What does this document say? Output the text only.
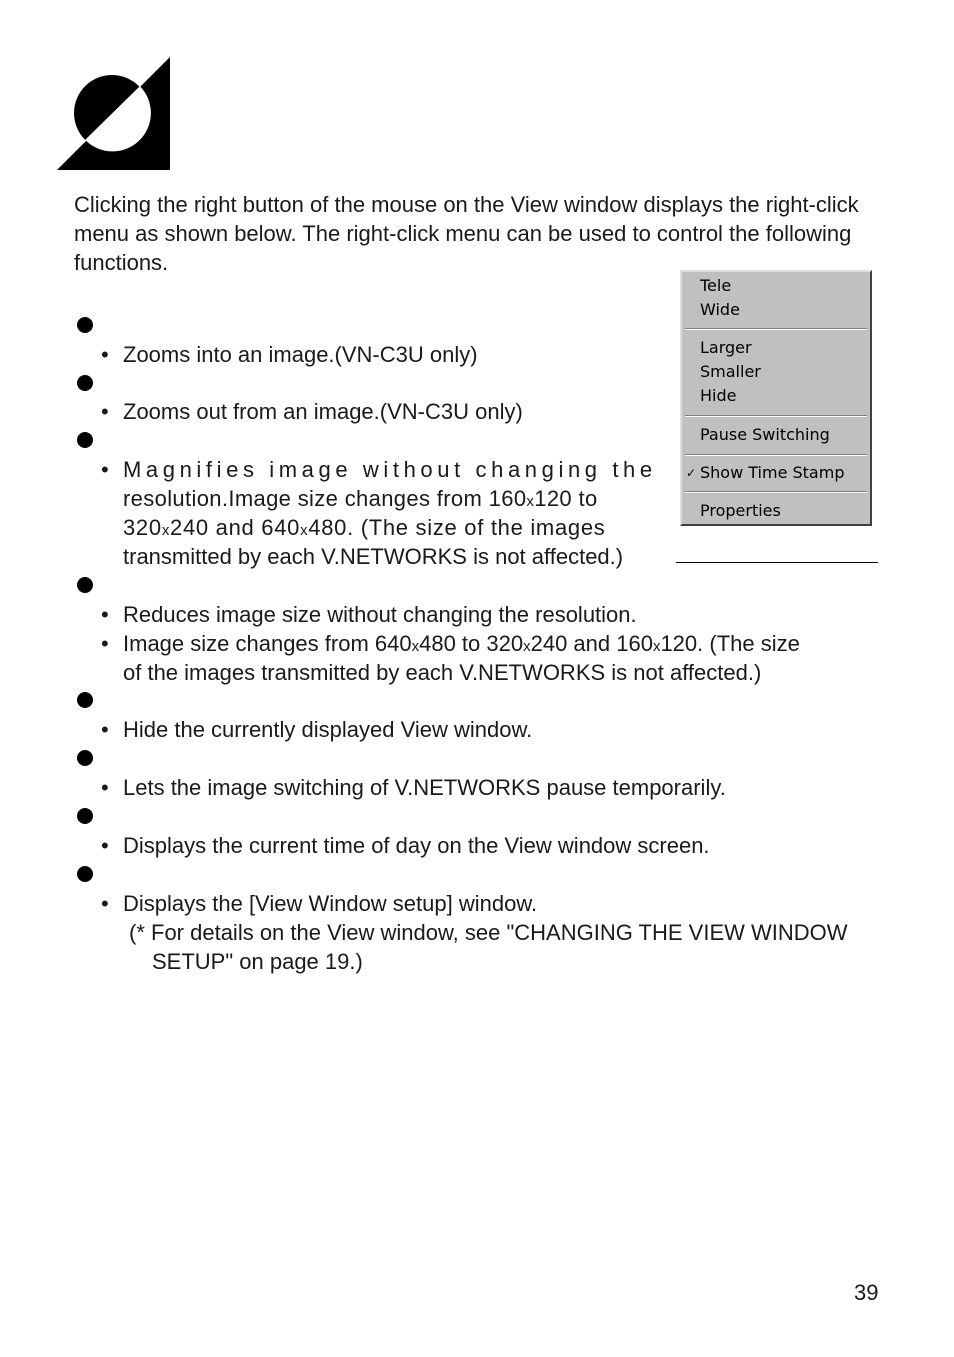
Clicking the right button of the mouse on the View window displays the right-click menu as shown below. The right-click menu can be used to control the following functions.

Tele
Wide
Larger
Smaller
Hide
Pause Switching
✓ Show Time Stamp
Properties
• Zooms into an image.(VN-C3U only)
• Zooms out from an image.(VN-C3U only)
• Magnifies image without changing the
resolution.Image size changes from 160x120 to
320x240 and 640x480. (The size of the images
transmitted by each V.NETWORKS is not affected.)
• Reduces image size without changing the resolution.
• Image size changes from 640x480 to 320x240 and 160x120. (The size
of the images transmitted by each V.NETWORKS is not affected.)
• Hide the currently displayed View window.
• Lets the image switching of V.NETWORKS pause temporarily.
• Displays the current time of day on the View window screen.
• Displays the [View Window setup] window.
(* For details on the View window, see "CHANGING THE VIEW WINDOW
SETUP" on page 19.)
39
